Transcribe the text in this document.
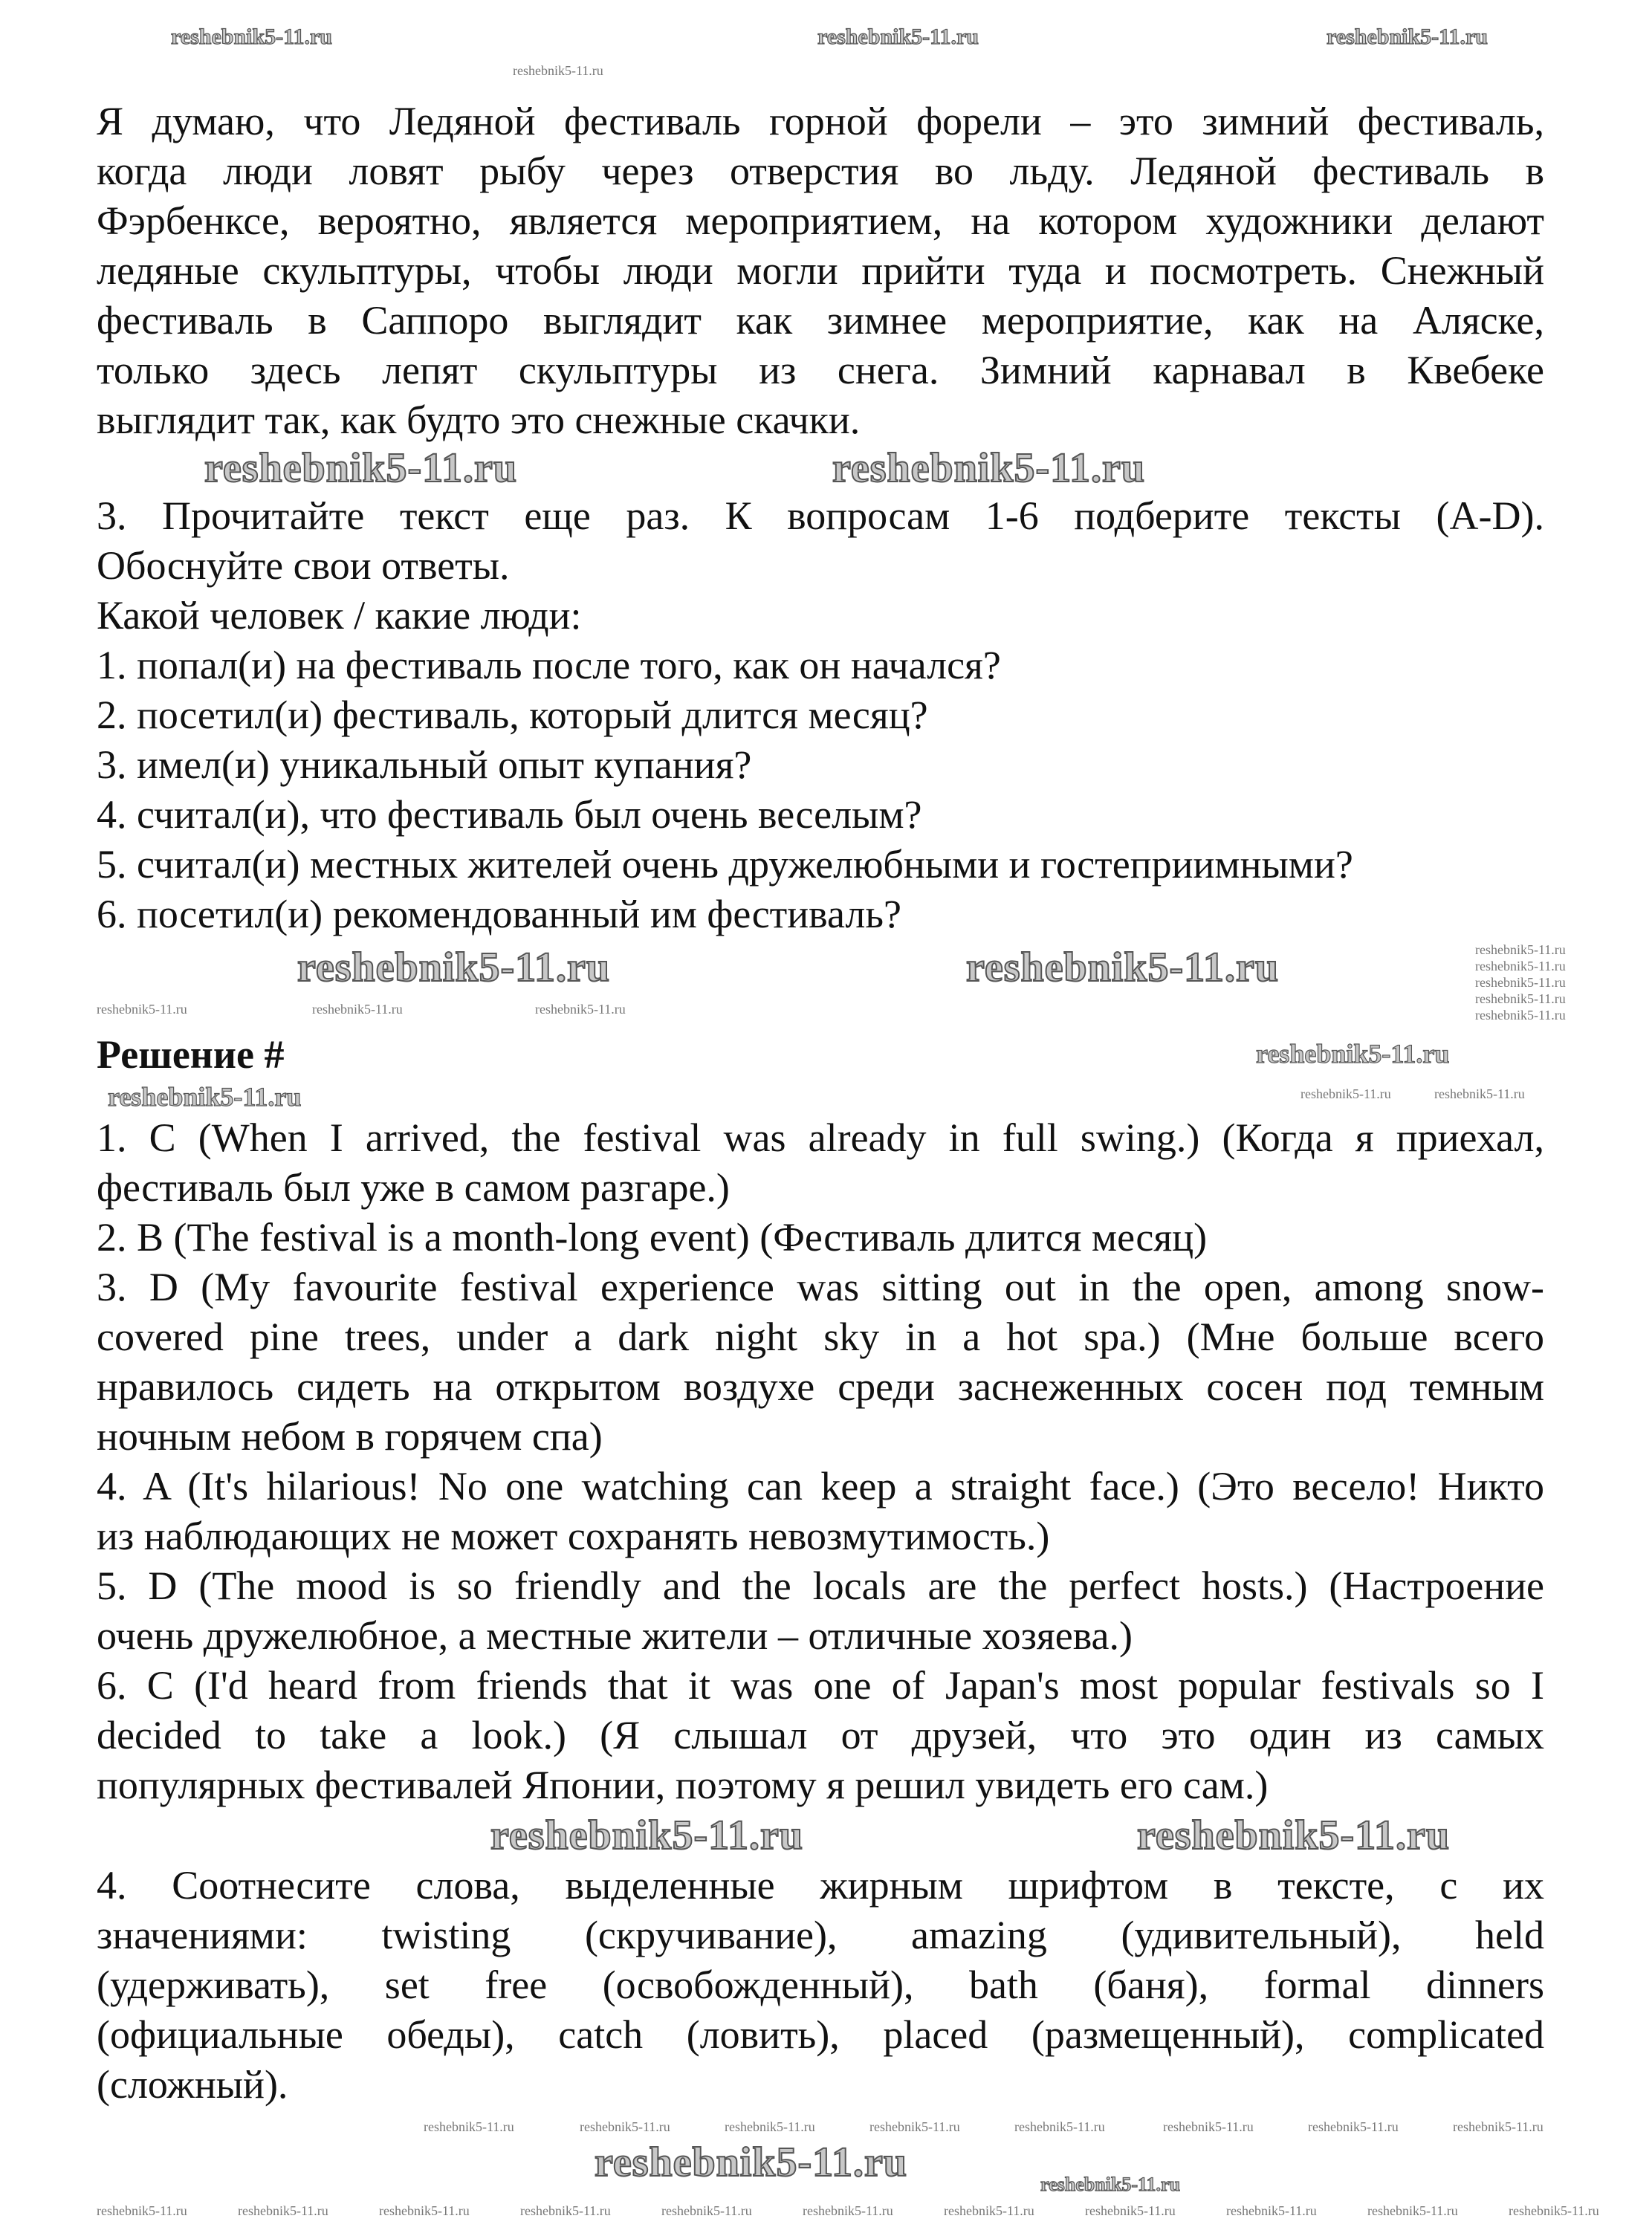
Я думаю, что Ледяной фестиваль горной форели – это зимний фестиваль,
когда люди ловят рыбу через отверстия во льду. Ледяной фестиваль в
Фэрбенксе, вероятно, является мероприятием, на котором художники делают
ледяные скульптуры, чтобы люди могли прийти туда и посмотреть. Снежный
фестиваль в Саппоро выглядит как зимнее мероприятие, как на Аляске,
только здесь лепят скульптуры из снега. Зимний карнавал в Квебеке
выглядит так, как будто это снежные скачки.
3. Прочитайте текст еще раз. К вопросам 1-6 подберите тексты (A-D).
Обоснуйте свои ответы.
Какой человек / какие люди:
1. попал(и) на фестиваль после того, как он начался?
2. посетил(и) фестиваль, который длится месяц?
3. имел(и) уникальный опыт купания?
4. считал(и), что фестиваль был очень веселым?
5. считал(и) местных жителей очень дружелюбными и гостеприимными?
6. посетил(и) рекомендованный им фестиваль?
Решение #
1. C (When I arrived, the festival was already in full swing.) (Когда я приехал,
фестиваль был уже в самом разгаре.)
2. B (The festival is a month-long event) (Фестиваль длится месяц)
3. D (My favourite festival experience was sitting out in the open, among snow-
covered pine trees, under a dark night sky in a hot spa.) (Мне больше всего
нравилось сидеть на открытом воздухе среди заснеженных сосен под темным
ночным небом в горячем спа)
4. A (It's hilarious! No one watching can keep a straight face.) (Это весело! Никто
из наблюдающих не может сохранять невозмутимость.)
5. D (The mood is so friendly and the locals are the perfect hosts.) (Настроение
очень дружелюбное, а местные жители – отличные хозяева.)
6. C (I'd heard from friends that it was one of Japan's most popular festivals so I
decided to take a look.) (Я слышал от друзей, что это один из самых
популярных фестивалей Японии, поэтому я решил увидеть его сам.)
4. Соотнесите слова, выделенные жирным шрифтом в тексте, с их
значениями: twisting (скручивание), amazing (удивительный), held
(удерживать), set free (освобожденный), bath (баня), formal dinners
(официальные обеды), catch (ловить), placed (размещенный), complicated
(сложный).
reshebnik5-11.ru	reshebnik5-11.ru
reshebnik5-11.ru
reshebnik5-11.ru
reshebnik5-11.ru
reshebnik5-11.ru
reshebnik5-11.ru
reshebnik5-11.ru	reshebnik5-11.ru
reshebnik5-11.ru	reshebnik5-11.ru	reshebnik5-11.ru
reshebnik5-11.ru
reshebnik5-11.ru
reshebnik5-11.ru
reshebnik5-11.ru
reshebnik5-11.ru
reshebnik5-11.ru
reshebnik5-11.ru
reshebnik5-11.ru	reshebnik5-11.ru
reshebnik5-11.ru	reshebnik5-11.ru	reshebnik5-11.ru
reshebnik5-11.ru	reshebnik5-11.ru	reshebnik5-11.ru	reshebnik5-11.ru	reshebnik5-11.ru	reshebnik5-11.ru	reshebnik5-11.ru	reshebnik5-11.ru	reshebnik5-11.ru	reshebnik5-11.ru	reshebnik5-11.ru
reshebnik5-11.ru	reshebnik5-11.ru	reshebnik5-11.ru	reshebnik5-11.ru	reshebnik5-11.ru	reshebnik5-11.ru	reshebnik5-11.ru	reshebnik5-11.ru
